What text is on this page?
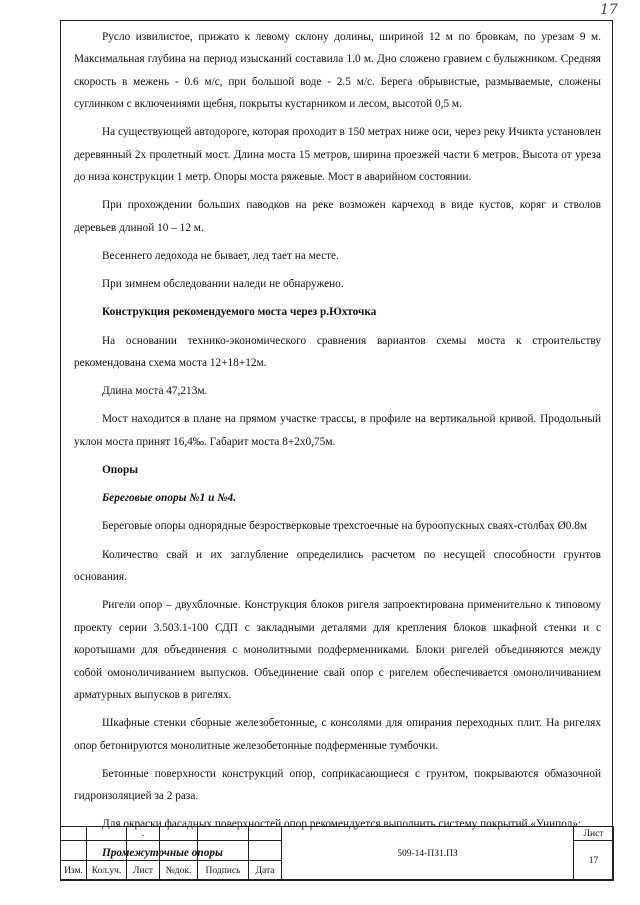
17

Русло извилистое, прижато к левому склону долины, шириной 12 м по бровкам, по урезам 9 м. Максимальная глубина на период изысканий составила 1.0 м. Дно сложено гравием с булыжником. Средняя скорость в межень - 0.6 м/с, при большой воде - 2.5 м/с. Берега обрывистые, размываемые, сложены суглинком с включениями щебня, покрыты кустарником и лесом, высотой 0,5 м.

На существующей автодороге, которая проходит в 150 метрах ниже оси, через реку Ичикта установлен деревянный 2х пролетный мост. Длина моста 15 метров, ширина проезжей части 6 метров. Высота от уреза до низа конструкции 1 метр. Опоры моста ряжевые. Мост в аварийном состоянии.

При прохождении больших паводков на реке возможен карчеход в виде кустов, коряг и стволов деревьев длиной 10 – 12 м.

Весеннего ледохода не бывает, лед тает на месте.

При зимнем обследовании наледи не обнаружено.

Конструкция рекомендуемого моста через р.Юхточка

На основании технико-экономического сравнения вариантов схемы моста к строительству рекомендована схема моста 12+18+12м.

Длина моста 47,213м.

Мост находится в плане на прямом участке трассы, в профиле на вертикальной кривой. Продольный уклон моста принят 16,4‰. Габарит моста 8+2х0,75м.

Опоры

Береговые опоры №1 и №4.

Береговые опоры однорядные безростверковые трехстоечные на буроопускных сваях-столбах Ø0.8м

Количество свай и их заглубление определились расчетом по несущей способности грунтов основания.

Ригели опор – двухблочные. Конструкция блоков ригеля запроектирована применительно к типовому проекту серии 3.503.1-100 СДП с закладными деталями для крепления блоков шкафной стенки и с коротышами для объединения с монолитными подферменниками. Блоки ригелей объединяются между собой омоноличиванием выпусков. Объединение свай опор с ригелем обеспечивается омоноличиванием арматурных выпусков в ригелях.

Шкафные стенки сборные железобетонные, с консолями для опирания переходных плит. На ригелях опор бетонируются монолитные железобетонные подферменные тумбочки.

Бетонные поверхности конструкций опор, соприкасающиеся с грунтом, покрываются обмазочной гидроизоляцией за 2 раза.

Для окраски фасадных поверхностей опор рекомендуется выполнить систему покрытий «Унипол»:

Промежуточные опоры

		.				509-14-ПЗ1.ПЗ	Лист
							17
Изм.	Кол.уч.	Лист	№док.	Подпись	Дата		
